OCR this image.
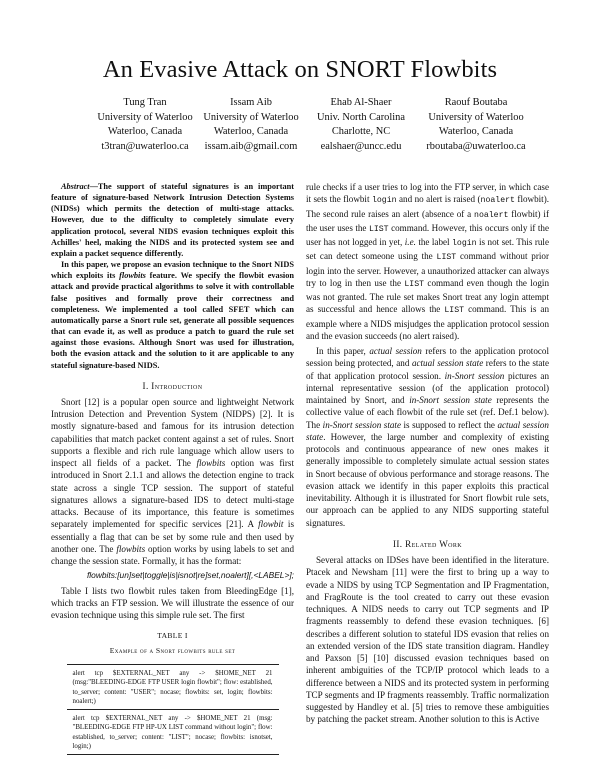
An Evasive Attack on SNORT Flowbits
Tung Tran
University of Waterloo
Waterloo, Canada
t3tran@uwaterloo.ca
Issam Aib
University of Waterloo
Waterloo, Canada
issam.aib@gmail.com
Ehab Al-Shaer
Univ. North Carolina
Charlotte, NC
ealshaer@uncc.edu
Raouf Boutaba
University of Waterloo
Waterloo, Canada
rboutaba@uwaterloo.ca

Abstract—The support of stateful signatures is an important feature of signature-based Network Intrusion Detection Systems (NIDSs) which permits the detection of multi-stage attacks. However, due to the difficulty to completely simulate every application protocol, several NIDS evasion techniques exploit this Achilles' heel, making the NIDS and its protected system see and explain a packet sequence differently.

In this paper, we propose an evasion technique to the Snort NIDS which exploits its flowbits feature. We specify the flowbit evasion attack and provide practical algorithms to solve it with controllable false positives and formally prove their correctness and completeness. We implemented a tool called SFET which can automatically parse a Snort rule set, generate all possible sequences that can evade it, as well as produce a patch to guard the rule set against those evasions. Although Snort was used for illustration, both the evasion attack and the solution to it are applicable to any stateful signature-based NIDS.

I. Introduction

Snort [12] is a popular open source and lightweight Network Intrusion Detection and Prevention System (NIDPS) [2]. It is mostly signature-based and famous for its intrusion detection capabilities that match packet content against a set of rules. Snort supports a flexible and rich rule language which allow users to inspect all fields of a packet. The flowbits option was first introduced in Snort 2.1.1 and allows the detection engine to track state across a single TCP session. The support of stateful signatures allows a signature-based IDS to detect multi-stage attacks. Because of its importance, this feature is sometimes separately implemented for specific services [21]. A flowbit is essentially a flag that can be set by some rule and then used by another one. The flowbits option works by using labels to set and change the session state. Formally, it has the format:

flowbits:[un]set|toggle|is|isnot|re]set,noalert][,<LABEL>];

Table I lists two flowbit rules taken from BleedingEdge [1], which tracks an FTP session. We will illustrate the essence of our evasion technique using this simple rule set. The first

TABLE I
Example of a Snort flowbits rule set
alert tcp $EXTERNAL_NET any -> $HOME_NET 21 (msg:"BLEEDING-EDGE FTP USER login flowbit"; flow: established, to_server; content: "USER"; nocase; flowbits: set, login; flowbits: noalert;)
alert tcp $EXTERNAL_NET any -> $HOME_NET 21 (msg: "BLEEDING-EDGE FTP HP-UX LIST command without login"; flow: established, to_server; content: "LIST"; nocase; flowbits: isnotset, login;)

rule checks if a user tries to log into the FTP server, in which case it sets the flowbit login and no alert is raised (noalert flowbit). The second rule raises an alert (absence of a noalert flowbit) if the user uses the LIST command. However, this occurs only if the user has not logged in yet, i.e. the label login is not set. This rule set can detect someone using the LIST command without prior login into the server. However, a unauthorized attacker can always try to log in then use the LIST command even though the login was not granted. The rule set makes Snort treat any login attempt as successful and hence allows the LIST command. This is an example where a NIDS misjudges the application protocol session and the evasion succeeds (no alert raised).

In this paper, actual session refers to the application protocol session being protected, and actual session state refers to the state of that application protocol session. in-Snort session pictures an internal representative session (of the application protocol) maintained by Snort, and in-Snort session state represents the collective value of each flowbit of the rule set (ref. Def.1 below). The in-Snort session state is supposed to reflect the actual session state. However, the large number and complexity of existing protocols and continuous appearance of new ones makes it generally impossible to completely simulate actual session states in Snort because of obvious performance and storage reasons. The evasion attack we identify in this paper exploits this practical inevitability. Although it is illustrated for Snort flowbit rule sets, our approach can be applied to any NIDS supporting stateful signatures.

II. Related Work

Several attacks on IDSes have been identified in the literature. Ptacek and Newsham [11] were the first to bring up a way to evade a NIDS by using TCP Segmentation and IP Fragmentation, and FragRoute is the tool created to carry out these evasion techniques. A NIDS needs to carry out TCP segments and IP fragments reassembly to defend these evasion techniques. [6] describes a different solution to stateful IDS evasion that relies on an extended version of the IDS state transition diagram. Handley and Paxson [5] [10] discussed evasion techniques based on inherent ambiguities of the TCP/IP protocol which leads to a difference between a NIDS and its protected system in performing TCP segments and IP fragments reassembly. Traffic normalization suggested by Handley et al. [5] tries to remove these ambiguities by patching the packet stream. Another solution to this is Active
